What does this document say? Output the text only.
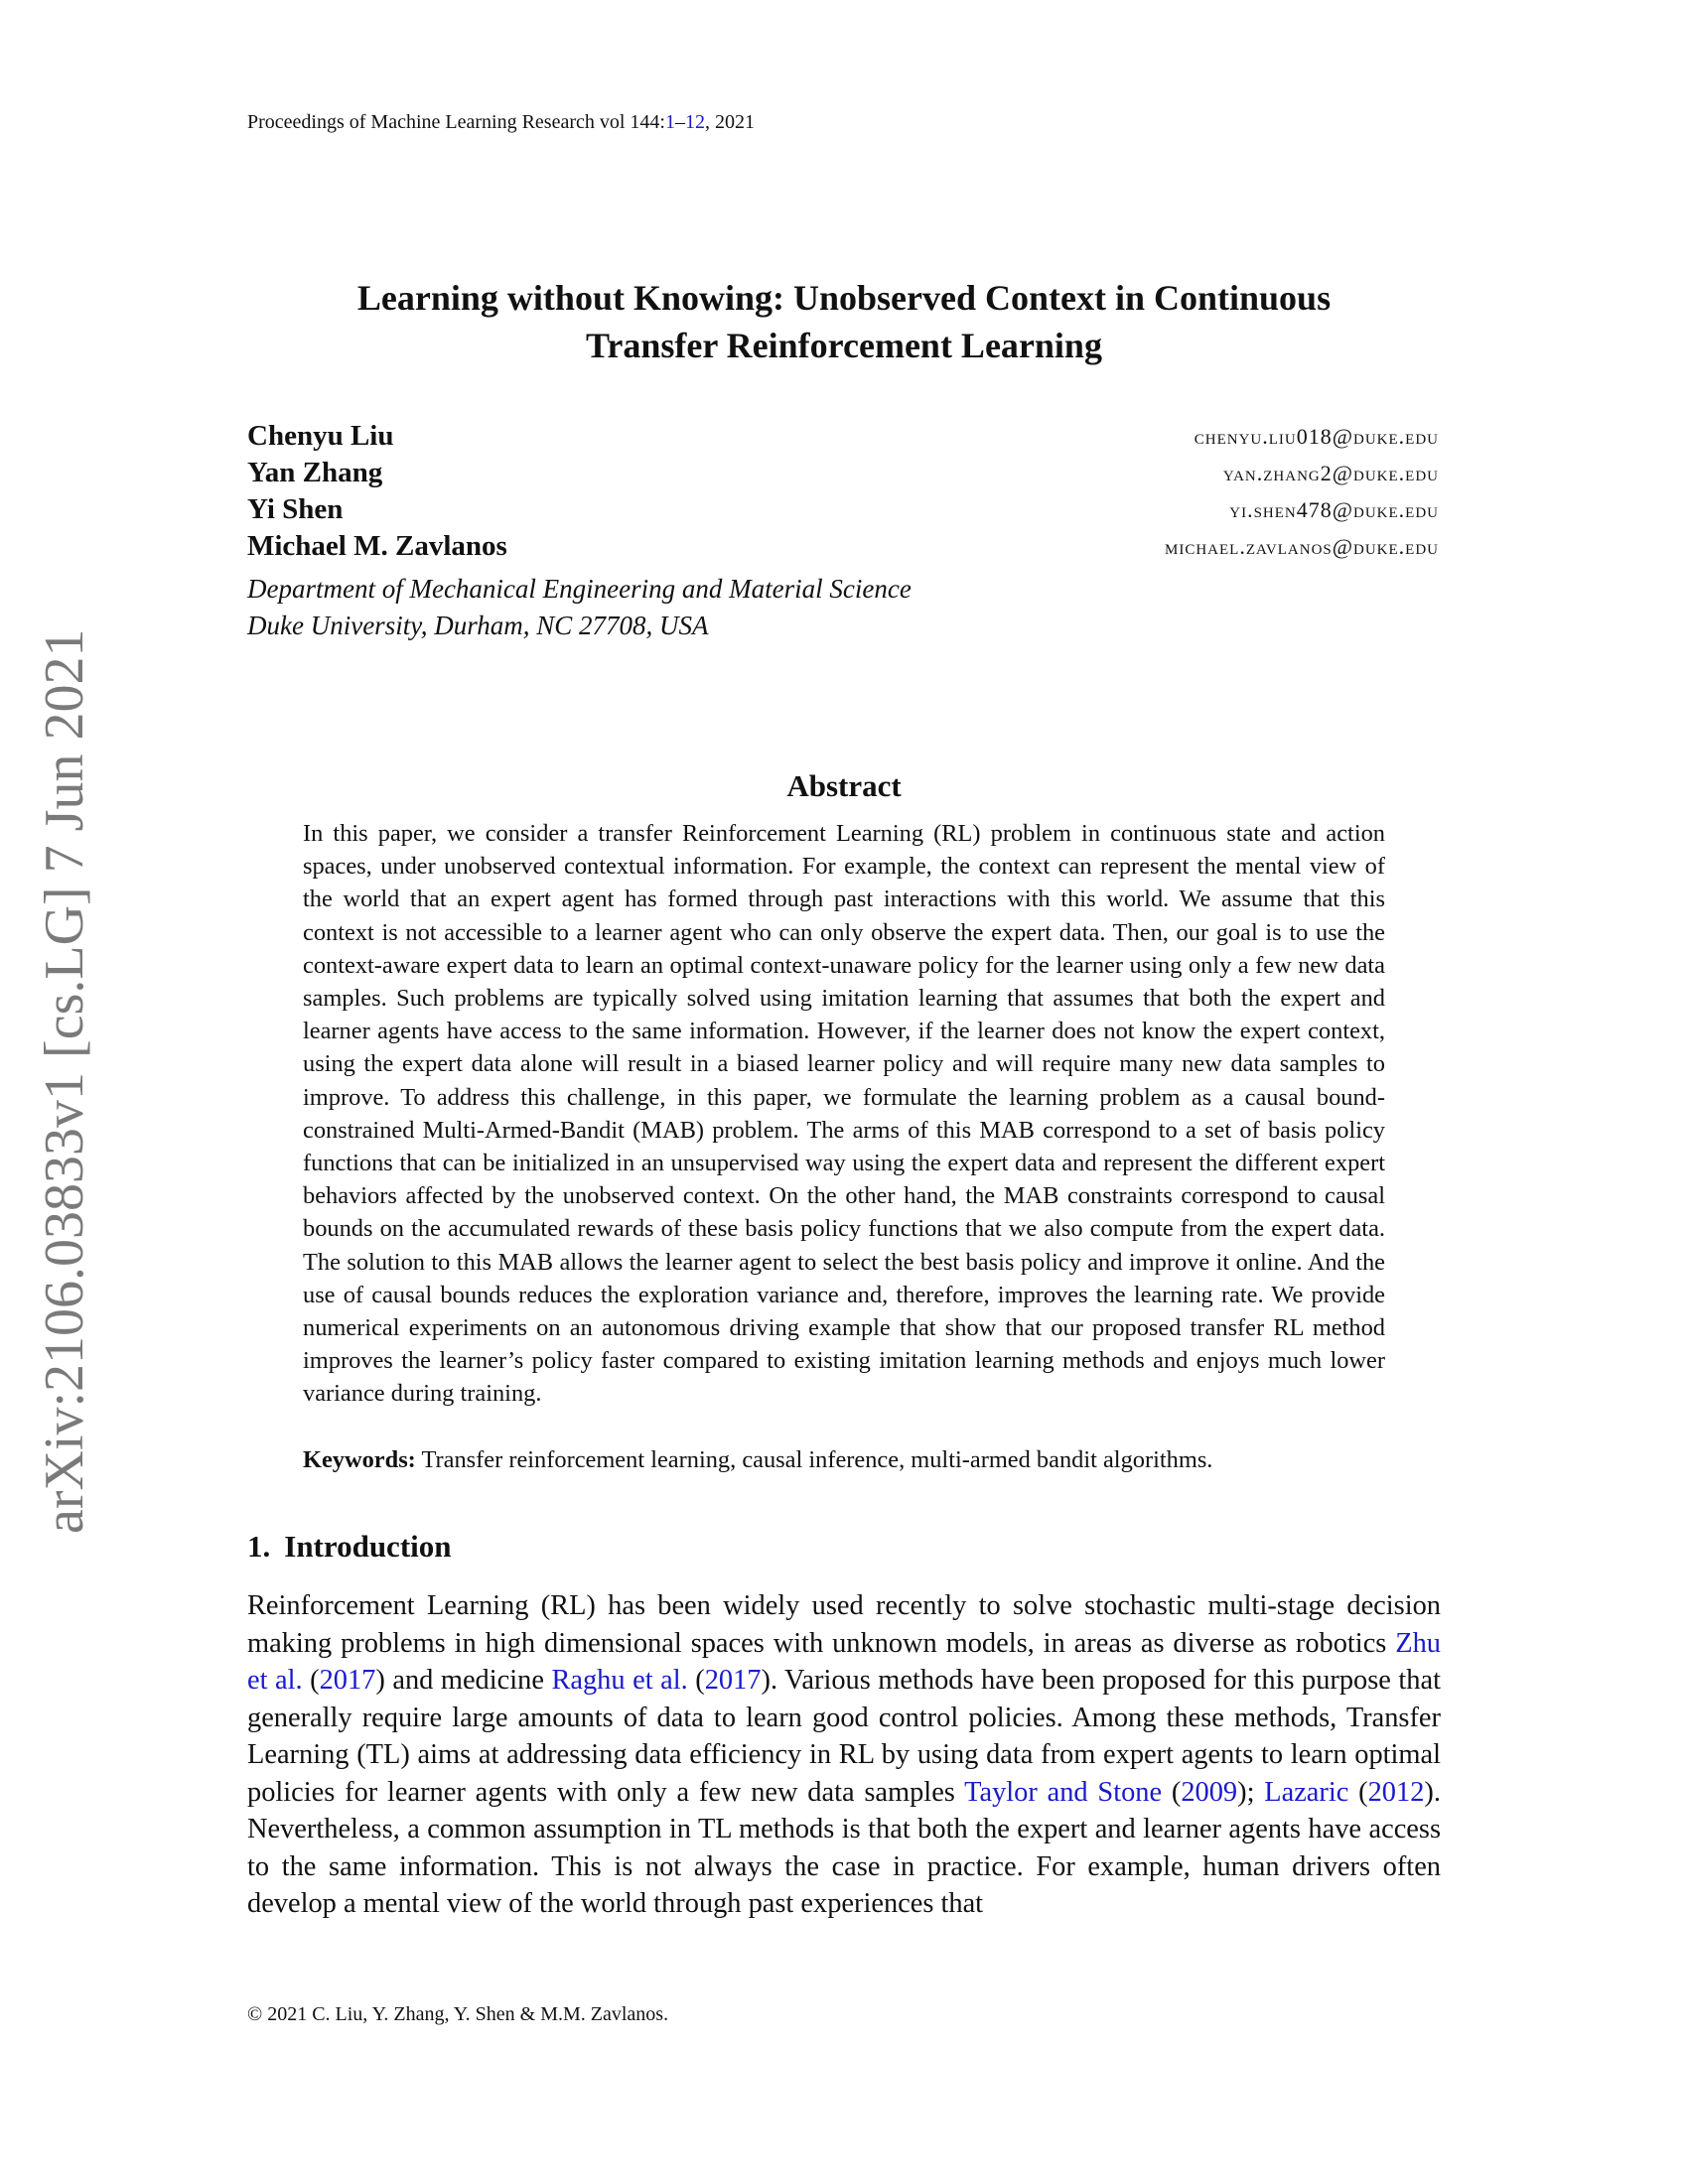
Proceedings of Machine Learning Research vol 144:1–12, 2021
Learning without Knowing: Unobserved Context in Continuous
Transfer Reinforcement Learning
Chenyu Liu	chenyu.liu018@duke.edu
Yan Zhang	yan.zhang2@duke.edu
Yi Shen	yi.shen478@duke.edu
Michael M. Zavlanos	michael.zavlanos@duke.edu
Department of Mechanical Engineering and Material Science
Duke University, Durham, NC 27708, USA
Abstract
In this paper, we consider a transfer Reinforcement Learning (RL) problem in continuous state and action spaces, under unobserved contextual information. For example, the context can represent the mental view of the world that an expert agent has formed through past interactions with this world. We assume that this context is not accessible to a learner agent who can only observe the expert data. Then, our goal is to use the context-aware expert data to learn an optimal context-unaware policy for the learner using only a few new data samples. Such problems are typically solved using imitation learning that assumes that both the expert and learner agents have access to the same information. However, if the learner does not know the expert context, using the expert data alone will result in a biased learner policy and will require many new data samples to improve. To address this challenge, in this paper, we formulate the learning problem as a causal bound-constrained Multi-Armed-Bandit (MAB) problem. The arms of this MAB correspond to a set of basis policy functions that can be initialized in an unsupervised way using the expert data and represent the different expert behaviors affected by the unobserved context. On the other hand, the MAB constraints correspond to causal bounds on the accumulated rewards of these basis policy functions that we also compute from the expert data. The solution to this MAB allows the learner agent to select the best basis policy and improve it online. And the use of causal bounds reduces the exploration variance and, therefore, improves the learning rate. We provide numerical experiments on an autonomous driving example that show that our proposed transfer RL method improves the learner’s policy faster compared to existing imitation learning methods and enjoys much lower variance during training.
Keywords: Transfer reinforcement learning, causal inference, multi-armed bandit algorithms.
1. Introduction
Reinforcement Learning (RL) has been widely used recently to solve stochastic multi-stage decision making problems in high dimensional spaces with unknown models, in areas as diverse as robotics Zhu et al. (2017) and medicine Raghu et al. (2017). Various methods have been proposed for this purpose that generally require large amounts of data to learn good control policies. Among these methods, Transfer Learning (TL) aims at addressing data efficiency in RL by using data from expert agents to learn optimal policies for learner agents with only a few new data samples Taylor and Stone (2009); Lazaric (2012). Nevertheless, a common assumption in TL methods is that both the expert and learner agents have access to the same information. This is not always the case in practice. For example, human drivers often develop a mental view of the world through past experiences that
© 2021 C. Liu, Y. Zhang, Y. Shen & M.M. Zavlanos.
arXiv:2106.03833v1 [cs.LG] 7 Jun 2021
